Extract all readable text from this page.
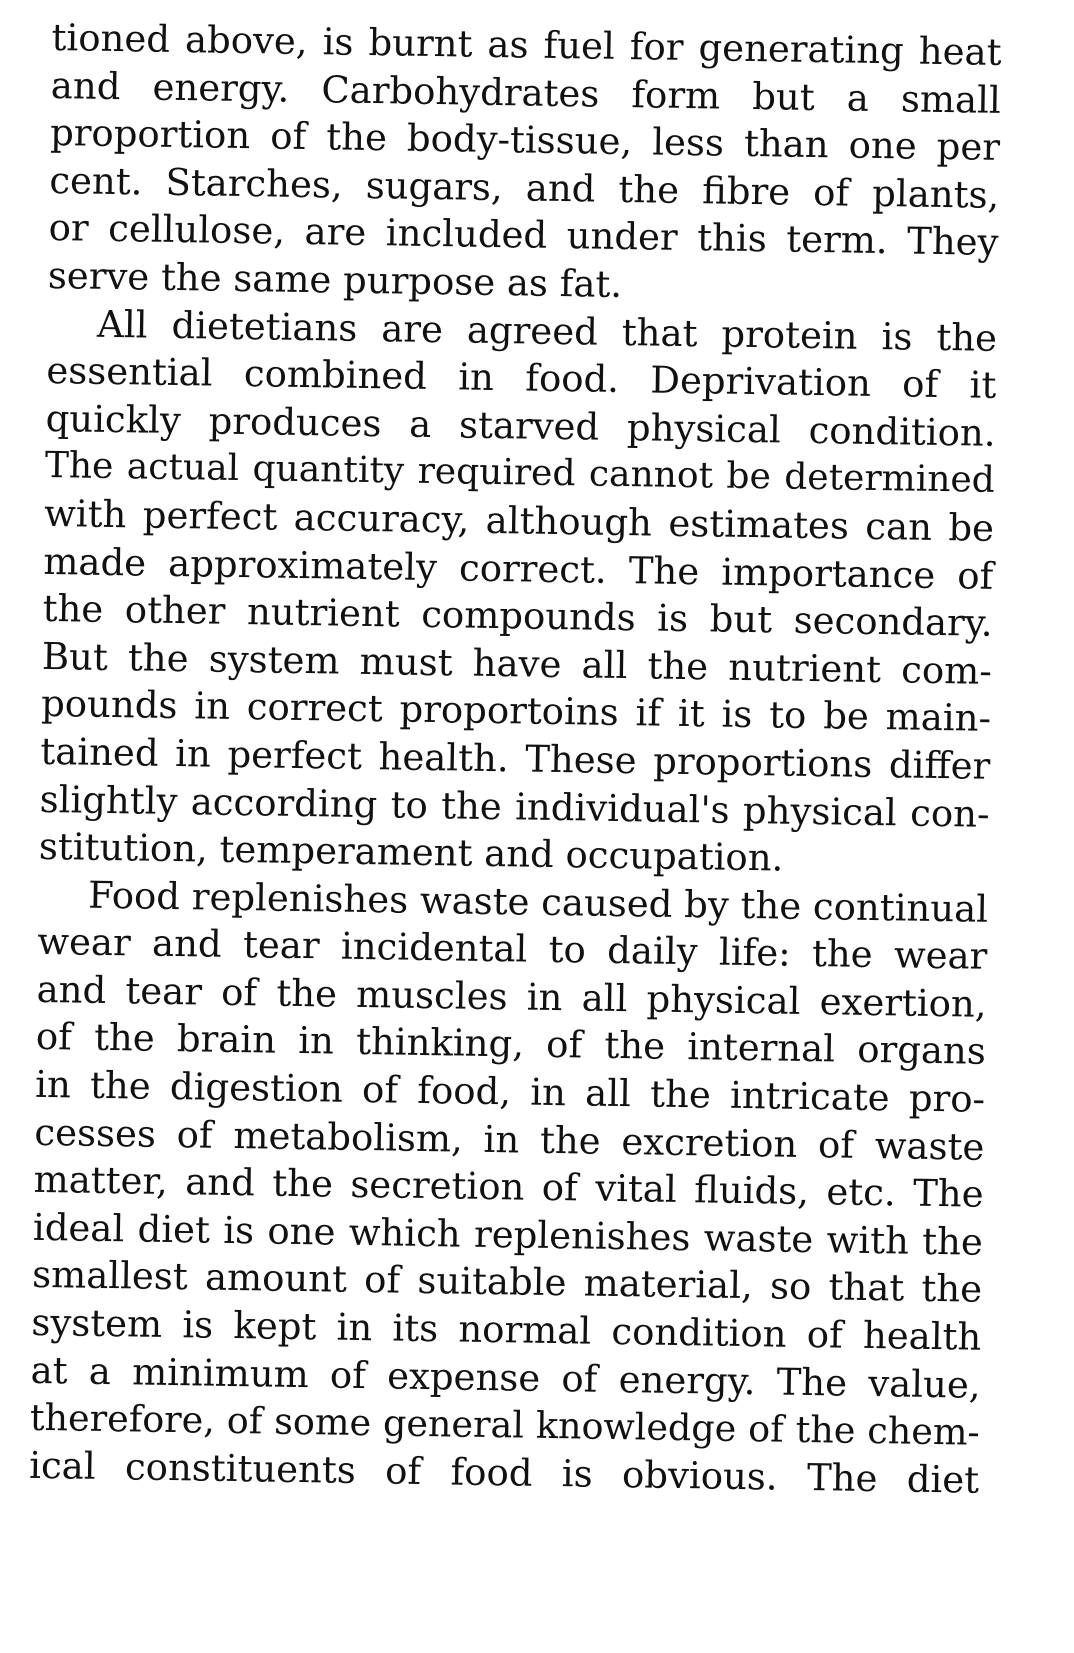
tioned above, is burnt as fuel for generating heat
and energy. Carbohydrates form but a small
proportion of the body-tissue, less than one per
cent. Starches, sugars, and the fibre of plants,
or cellulose, are included under this term. They
serve the same purpose as fat.
All dietetians are agreed that protein is the
essential combined in food. Deprivation of it
quickly produces a starved physical condition.
The actual quantity required cannot be determined
with perfect accuracy, although estimates can be
made approximately correct. The importance of
the other nutrient compounds is but secondary.
But the system must have all the nutrient com-
pounds in correct proportoins if it is to be main-
tained in perfect health. These proportions differ
slightly according to the individual's physical con-
stitution, temperament and occupation.
Food replenishes waste caused by the continual
wear and tear incidental to daily life: the wear
and tear of the muscles in all physical exertion,
of the brain in thinking, of the internal organs
in the digestion of food, in all the intricate pro-
cesses of metabolism, in the excretion of waste
matter, and the secretion of vital fluids, etc. The
ideal diet is one which replenishes waste with the
smallest amount of suitable material, so that the
system is kept in its normal condition of health
at a minimum of expense of energy. The value,
therefore, of some general knowledge of the chem-
ical constituents of food is obvious. The diet
